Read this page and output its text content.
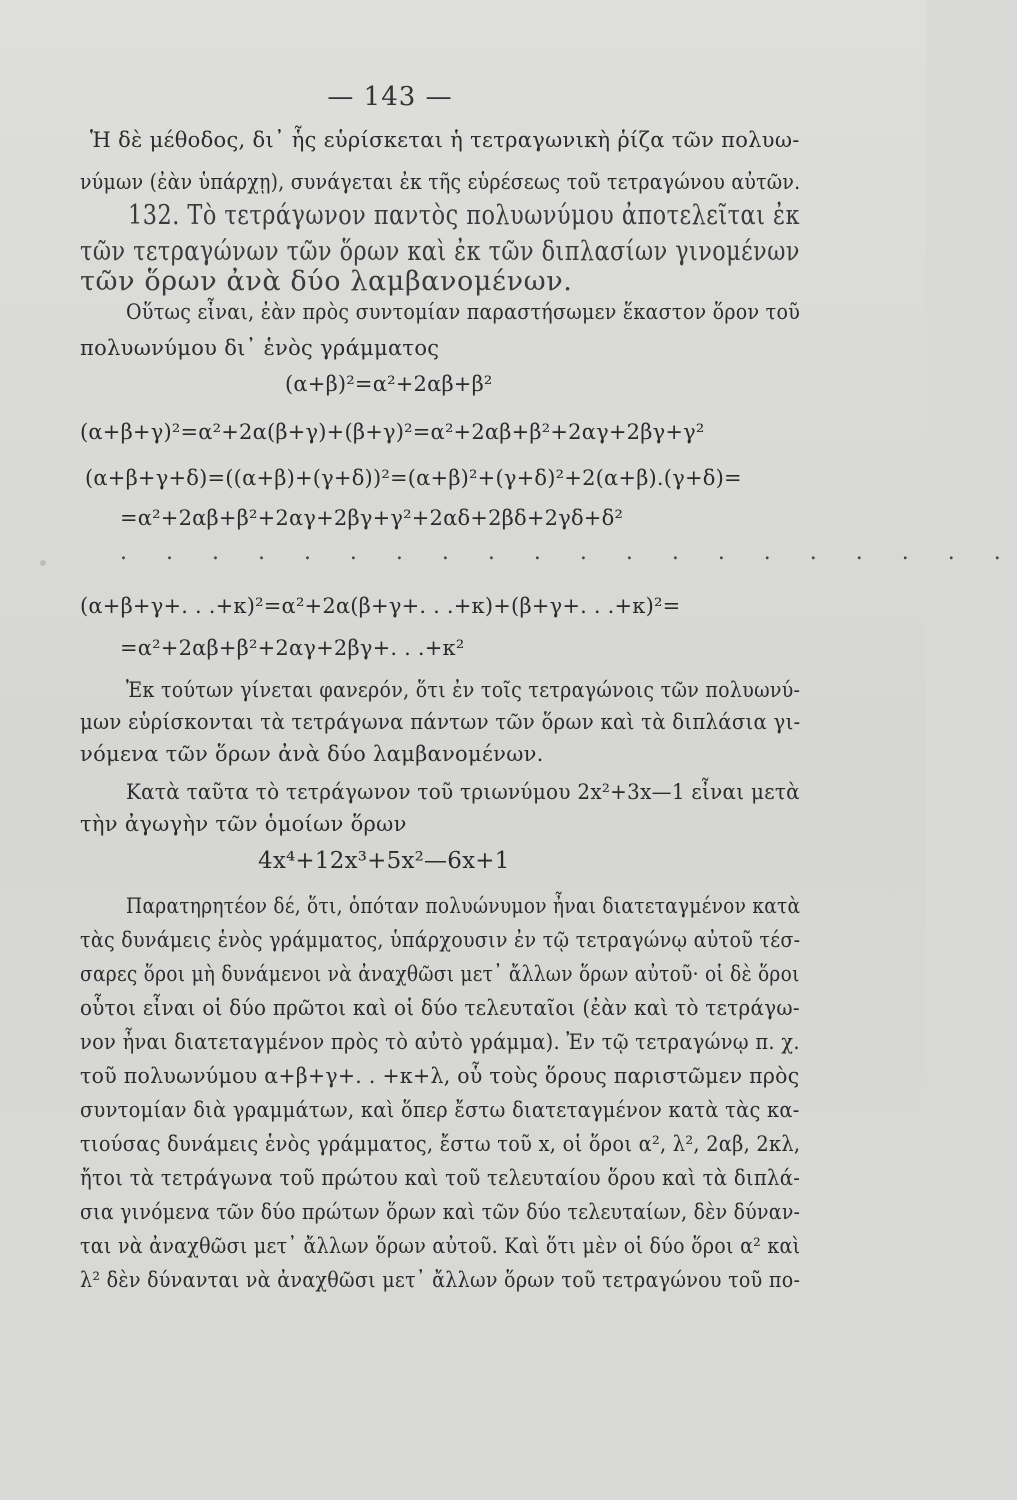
— 143 —
Ἡ δὲ μέθοδος, δι᾽ ἧς εὑρίσκεται ἡ τετραγωνικὴ ῥίζα τῶν πολυω-
νύμων (ἐὰν ὑπάρχῃ), συνάγεται ἐκ τῆς εὑρέσεως τοῦ τετραγώνου αὐτῶν.
132. Τὸ τετράγωνον παντὸς πολυωνύμου ἀποτελεῖται ἐκ
τῶν τετραγώνων τῶν ὅρων καὶ ἐκ τῶν διπλασίων γινομένων
τῶν ὅρων ἀνὰ δύο λαμβανομένων.
Οὕτως εἶναι, ἐὰν πρὸς συντομίαν παραστήσωμεν ἕκαστον ὅρον τοῦ
πολυωνύμου δι᾽ ἑνὸς γράμματος
(α+β)²=α²+2αβ+β²
(α+β+γ)²=α²+2α(β+γ)+(β+γ)²=α²+2αβ+β²+2αγ+2βγ+γ²
(α+β+γ+δ)=((α+β)+(γ+δ))²=(α+β)²+(γ+δ)²+2(α+β).(γ+δ)=
=α²+2αβ+β²+2αγ+2βγ+γ²+2αδ+2βδ+2γδ+δ²
. . . . . . . . . . . . . . . . . . . .
(α+β+γ+. . .+κ)²=α²+2α(β+γ+. . .+κ)+(β+γ+. . .+κ)²=
=α²+2αβ+β²+2αγ+2βγ+. . .+κ²
Ἐκ τούτων γίνεται φανερόν, ὅτι ἐν τοῖς τετραγώνοις τῶν πολυωνύ-
μων εὑρίσκονται τὰ τετράγωνα πάντων τῶν ὅρων καὶ τὰ διπλάσια γι-
νόμενα τῶν ὅρων ἀνὰ δύο λαμβανομένων.
Κατὰ ταῦτα τὸ τετράγωνον τοῦ τριωνύμου 2x²+3x—1 εἶναι μετὰ
τὴν ἀγωγὴν τῶν ὁμοίων ὅρων
4x⁴+12x³+5x²—6x+1
Παρατηρητέον δέ, ὅτι, ὁπόταν πολυώνυμον ἦναι διατεταγμένον κατὰ
τὰς δυνάμεις ἑνὸς γράμματος, ὑπάρχουσιν ἐν τῷ τετραγώνῳ αὐτοῦ τέσ-
σαρες ὅροι μὴ δυνάμενοι νὰ ἀναχθῶσι μετ᾽ ἄλλων ὅρων αὐτοῦ· οἱ δὲ ὅροι
οὗτοι εἶναι οἱ δύο πρῶτοι καὶ οἱ δύο τελευταῖοι (ἐὰν καὶ τὸ τετράγω-
νον ἦναι διατεταγμένον πρὸς τὸ αὐτὸ γράμμα). Ἐν τῷ τετραγώνῳ π. χ.
τοῦ πολυωνύμου α+β+γ+. . +κ+λ, οὗ τοὺς ὅρους παριστῶμεν πρὸς
συντομίαν διὰ γραμμάτων, καὶ ὅπερ ἔστω διατεταγμένον κατὰ τὰς κα-
τιούσας δυνάμεις ἑνὸς γράμματος, ἔστω τοῦ x, οἱ ὅροι α², λ², 2αβ, 2κλ,
ἤτοι τὰ τετράγωνα τοῦ πρώτου καὶ τοῦ τελευταίου ὅρου καὶ τὰ διπλά-
σια γινόμενα τῶν δύο πρώτων ὅρων καὶ τῶν δύο τελευταίων, δὲν δύναν-
ται νὰ ἀναχθῶσι μετ᾽ ἄλλων ὅρων αὐτοῦ. Καὶ ὅτι μὲν οἱ δύο ὅροι α² καὶ
λ² δὲν δύνανται νὰ ἀναχθῶσι μετ᾽ ἄλλων ὅρων τοῦ τετραγώνου τοῦ πο-
